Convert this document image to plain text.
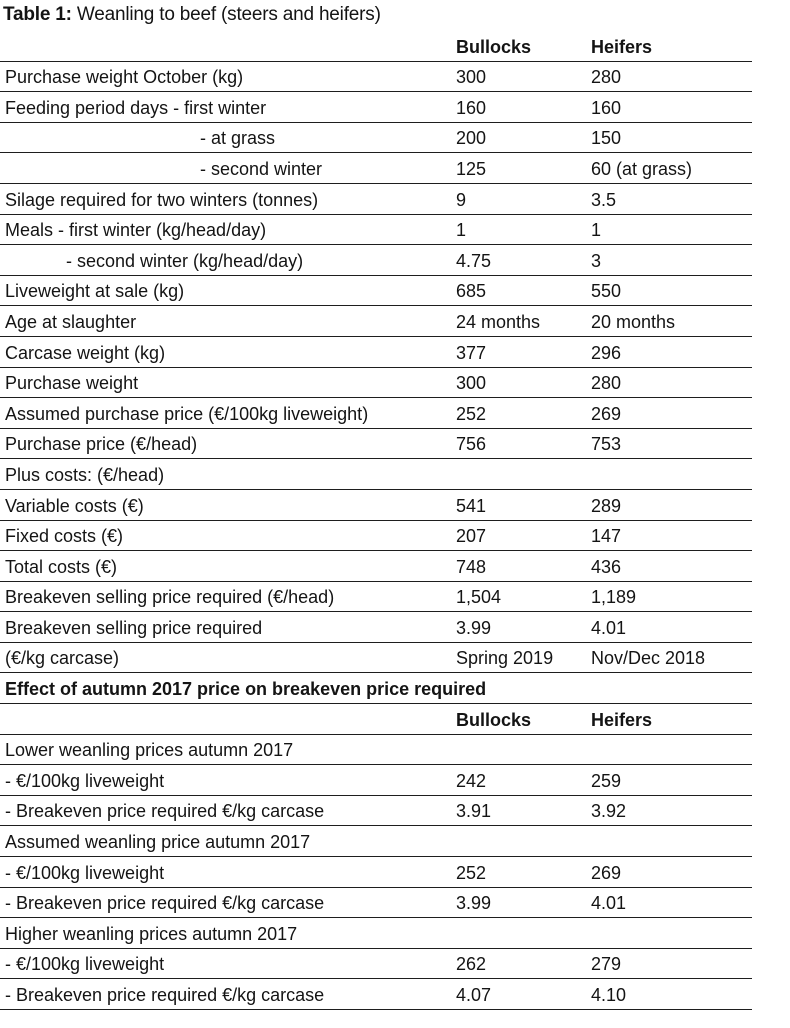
Table 1: Weanling to beef (steers and heifers)
Bullocks	Heifers
Purchase weight October (kg)	300	280
Feeding period days - first winter	160	160
- at grass	200	150
- second winter	125	60 (at grass)
Silage required for two winters (tonnes)	9	3.5
Meals - first winter (kg/head/day)	1	1
- second winter (kg/head/day)	4.75	3
Liveweight at sale (kg)	685	550
Age at slaughter	24 months	20 months
Carcase weight (kg)	377	296
Purchase weight	300	280
Assumed purchase price (€/100kg liveweight)	252	269
Purchase price (€/head)	756	753
Plus costs: (€/head)
Variable costs (€)	541	289
Fixed costs (€)	207	147
Total costs (€)	748	436
Breakeven selling price required (€/head)	1,504	1,189
Breakeven selling price required	3.99	4.01
(€/kg carcase)	Spring 2019	Nov/Dec 2018
Effect of autumn 2017 price on breakeven price required
Bullocks	Heifers
Lower weanling prices autumn 2017
- €/100kg liveweight	242	259
- Breakeven price required €/kg carcase	3.91	3.92
Assumed weanling price autumn 2017
- €/100kg liveweight	252	269
- Breakeven price required €/kg carcase	3.99	4.01
Higher weanling prices autumn 2017
- €/100kg liveweight	262	279
- Breakeven price required €/kg carcase	4.07	4.10
